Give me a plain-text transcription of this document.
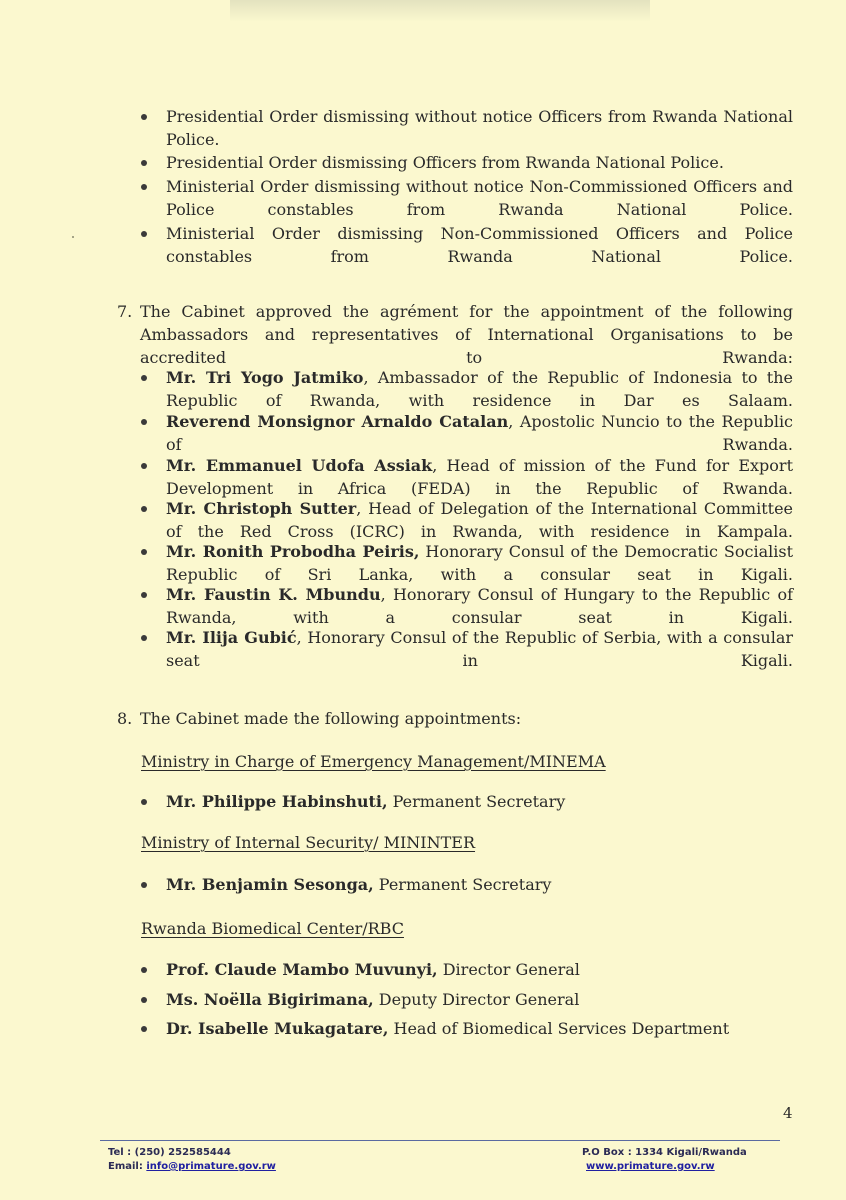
Presidential Order dismissing without notice Officers from Rwanda National Police.
Presidential Order dismissing Officers from Rwanda National Police.
Ministerial Order dismissing without notice Non-Commissioned Officers and Police constables from Rwanda National Police.
Ministerial Order dismissing Non-Commissioned Officers and Police constables from Rwanda National Police.
7. The Cabinet approved the agrément for the appointment of the following Ambassadors and representatives of International Organisations to be accredited to Rwanda:
Mr. Tri Yogo Jatmiko, Ambassador of the Republic of Indonesia to the Republic of Rwanda, with residence in Dar es Salaam.
Reverend Monsignor Arnaldo Catalan, Apostolic Nuncio to the Republic of Rwanda.
Mr. Emmanuel Udofa Assiak, Head of mission of the Fund for Export Development in Africa (FEDA) in the Republic of Rwanda.
Mr. Christoph Sutter, Head of Delegation of the International Committee of the Red Cross (ICRC) in Rwanda, with residence in Kampala.
Mr. Ronith Probodha Peiris, Honorary Consul of the Democratic Socialist Republic of Sri Lanka, with a consular seat in Kigali.
Mr. Faustin K. Mbundu, Honorary Consul of Hungary to the Republic of Rwanda, with a consular seat in Kigali.
Mr. Ilija Gubić, Honorary Consul of the Republic of Serbia, with a consular seat in Kigali.
8. The Cabinet made the following appointments:
Ministry in Charge of Emergency Management/MINEMA
Mr. Philippe Habinshuti, Permanent Secretary
Ministry of Internal Security/ MININTER
Mr. Benjamin Sesonga, Permanent Secretary
Rwanda Biomedical Center/RBC
Prof. Claude Mambo Muvunyi, Director General
Ms. Noëlla Bigirimana, Deputy Director General
Dr. Isabelle Mukagatare, Head of Biomedical Services Department
4
Tel : (250) 252585444
Email: info@primature.gov.rw
P.O Box : 1334 Kigali/Rwanda
www.primature.gov.rw
